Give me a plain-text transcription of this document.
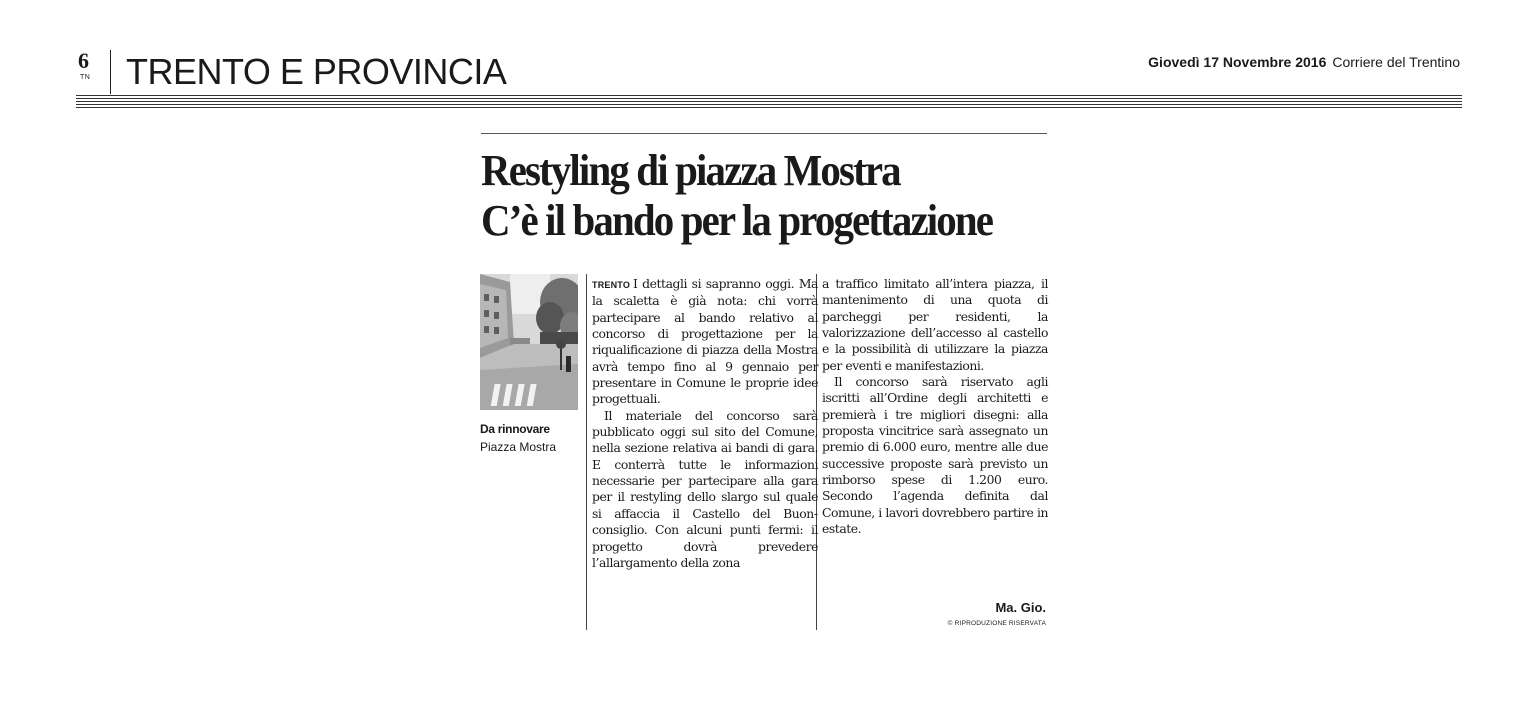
6
TN TRENTO E PROVINCIA	Giovedì 17 Novembre 2016 Corriere del Trentino
Restyling di piazza Mostra
C’è il bando per la progettazione
Da rinnovare
Piazza Mostra

TRENTO I dettagli si sapranno oggi. Ma la scaletta è già nota: chi vorrà partecipare al bando relativo al concorso di progettazione per la riqualificazione di piazza della Mostra avrà tempo fino al 9 gennaio per presentare in Comune le proprie idee progettuali.

Il materiale del concorso sarà pubblicato oggi sul sito del Comune, nella sezione relativa ai bandi di gara. E conterrà tutte le informazioni necessarie per partecipare alla gara per il restyling dello slargo sul quale si affaccia il Castello del Buonconsiglio. Con alcuni punti fermi: il progetto dovrà prevedere l’allargamento della zona

a traffico limitato all’intera piazza, il mantenimento di una quota di parcheggi per residenti, la valorizzazione dell’accesso al castello e la possibilità di utilizzare la piazza per eventi e manifestazioni.

Il concorso sarà riservato agli iscritti all’Ordine degli architetti e premierà i tre migliori disegni: alla proposta vincitrice sarà assegnato un premio di 6.000 euro, mentre alle due successive proposte sarà previsto un rimborso spese di 1.200 euro. Secondo l’agenda definita dal Comune, i lavori dovrebbero partire in estate.

Ma. Gio.
© RIPRODUZIONE RISERVATA
